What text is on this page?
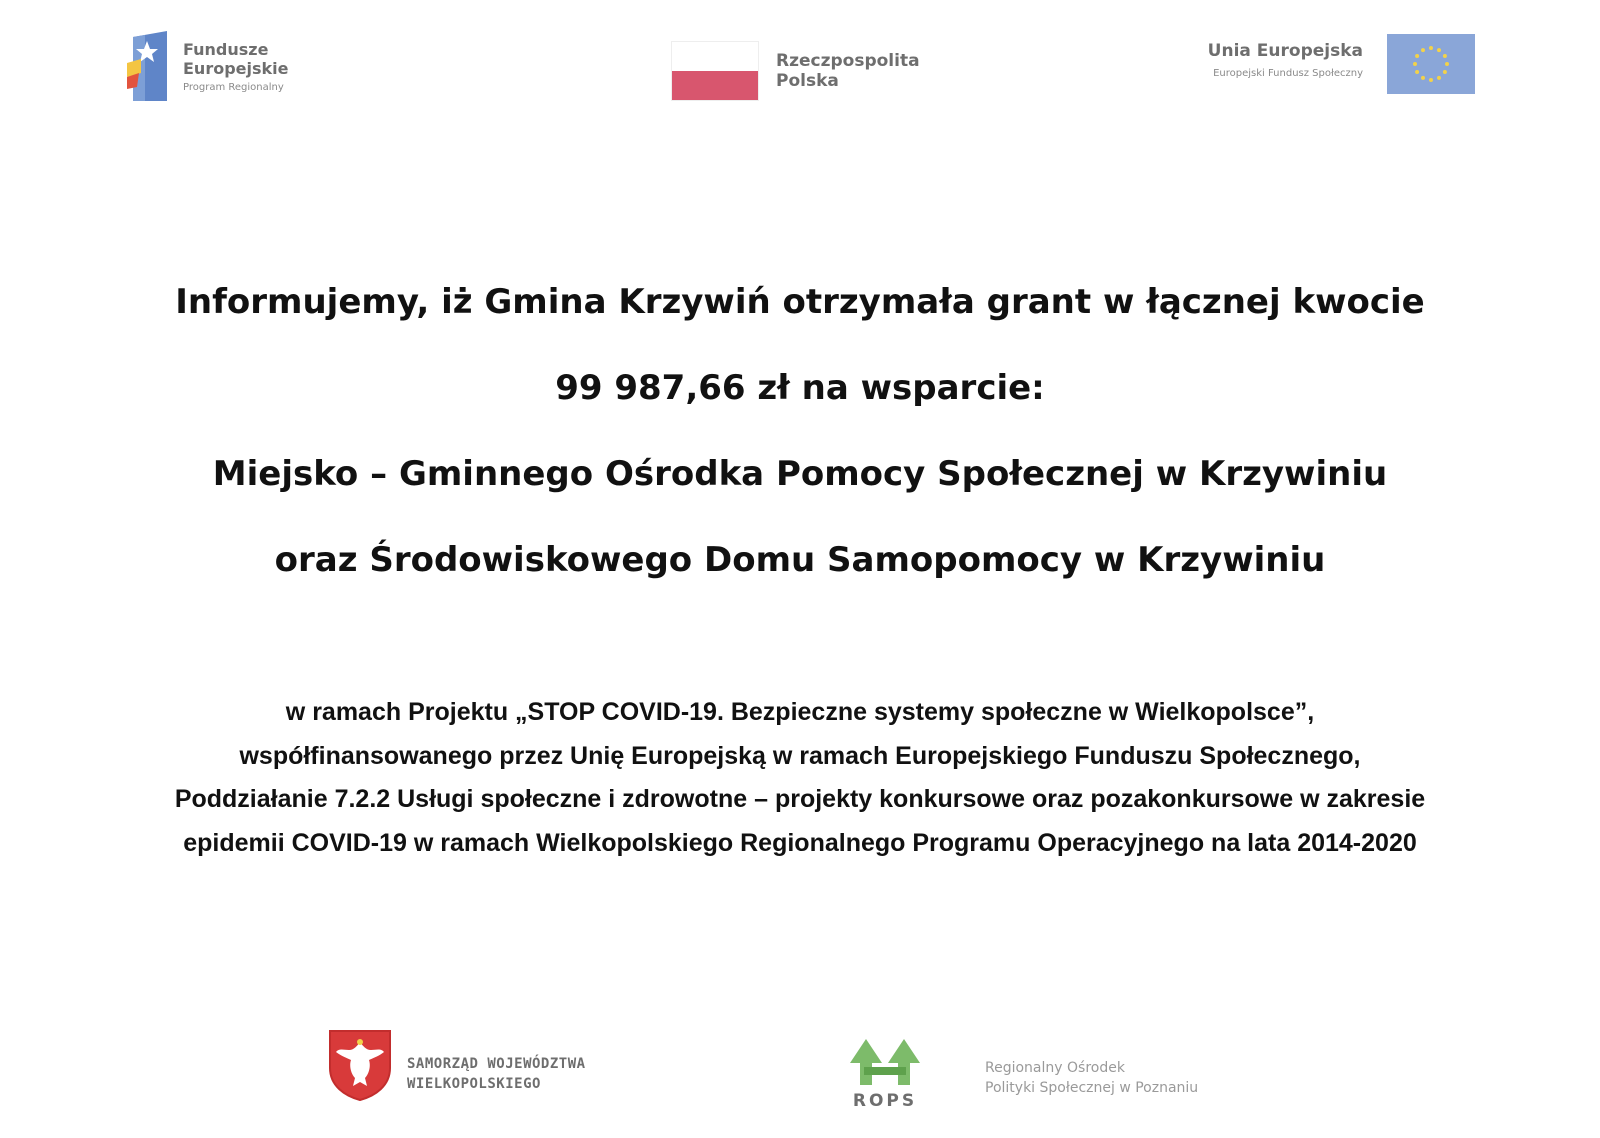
Fundusze
Europejskie
Program Regionalny
Rzeczpospolita
Polska
Unia Europejska
Europejski Fundusz Społeczny
Informujemy, iż Gmina Krzywiń otrzymała grant w łącznej kwocie
99 987,66 zł na wsparcie:
Miejsko – Gminnego Ośrodka Pomocy Społecznej w Krzywiniu
oraz Środowiskowego Domu Samopomocy w Krzywiniu
w ramach Projektu „STOP COVID-19. Bezpieczne systemy społeczne w Wielkopolsce”,
współfinansowanego przez Unię Europejską w ramach Europejskiego Funduszu Społecznego,
Poddziałanie 7.2.2 Usługi społeczne i zdrowotne – projekty konkursowe oraz pozakonkursowe w zakresie
epidemii COVID-19 w ramach Wielkopolskiego Regionalnego Programu Operacyjnego na lata 2014-2020
SAMORZĄD WOJEWÓDZTWA
WIELKOPOLSKIEGO
ROPS
Regionalny Ośrodek
Polityki Społecznej w Poznaniu
